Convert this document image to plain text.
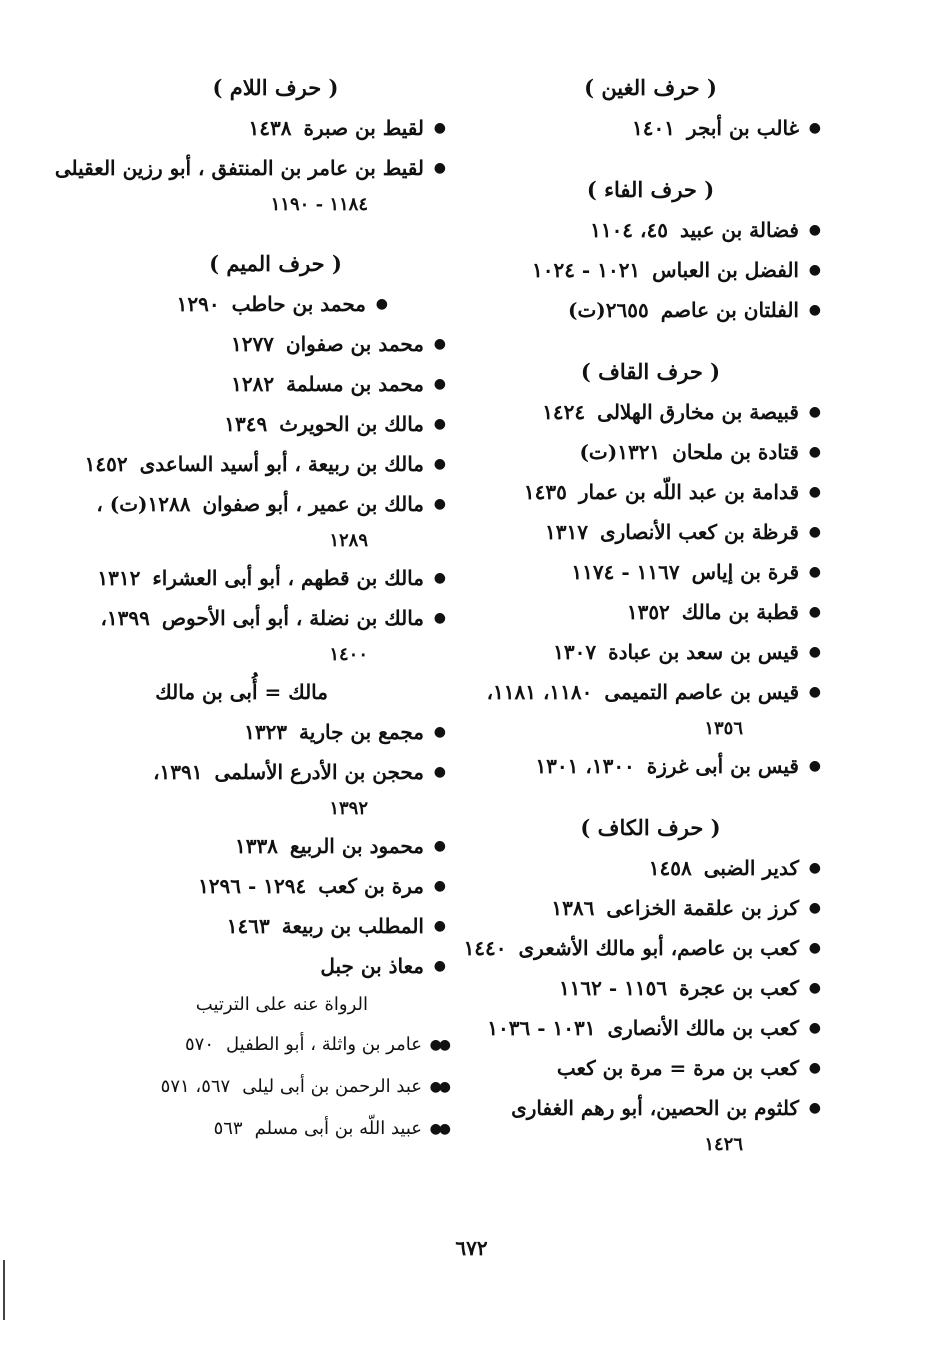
( حرف الغين )
●
غالب بن أبجر١٤٠١
( حرف الفاء )
●
فضالة بن عبيد٤٥، ١١٠٤
●
الفضل بن العباس١٠٢١ - ١٠٢٤
●
الفلتان بن عاصم٢٦٥٥(ت)
( حرف القاف )
●
قبيصة بن مخارق الهلالى١٤٢٤
●
قتادة بن ملحان١٣٢١(ت)
●
قدامة بن عبد اللّه بن عمار١٤٣٥
●
قرظة بن كعب الأنصارى١٣١٧
●
قرة بن إياس١١٦٧ - ١١٧٤
●
قطبة بن مالك١٣٥٢
●
قيس بن سعد بن عبادة١٣٠٧
●
قيس بن عاصم التميمى١١٨٠، ١١٨١،
١٣٥٦
●
قيس بن أبى غرزة١٣٠٠، ١٣٠١
( حرف الكاف )
●
كدير الضبى١٤٥٨
●
كرز بن علقمة الخزاعى١٣٨٦
●
كعب بن عاصم، أبو مالك الأشعرى١٤٤٠
●
كعب بن عجرة١١٥٦ - ١١٦٢
●
كعب بن مالك الأنصارى١٠٣١ - ١٠٣٦
●
كعب بن مرة = مرة بن كعب
●
كلثوم بن الحصين، أبو رهم الغفارى
١٤٢٦
( حرف اللام )
●
لقيط بن صبرة١٤٣٨
●
لقيط بن عامر بن المنتفق ، أبو رزين العقيلى
١١٨٤ - ١١٩٠
( حرف الميم )
●
محمد بن حاطب١٢٩٠
●
محمد بن صفوان١٢٧٧
●
محمد بن مسلمة١٢٨٢
●
مالك بن الحويرث١٣٤٩
●
مالك بن ربيعة ، أبو أسيد الساعدى١٤٥٢
●
مالك بن عمير ، أبو صفوان١٢٨٨(ت) ،
١٢٨٩
●
مالك بن قطهم ، أبو أبى العشراء١٣١٢
●
مالك بن نضلة ، أبو أبى الأحوص١٣٩٩،
١٤٠٠
مالك = أُبى بن مالك
●
مجمع بن جارية١٣٢٣
●
محجن بن الأدرع الأسلمى١٣٩١،
١٣٩٢
●
محمود بن الربيع١٣٣٨
●
مرة بن كعب١٢٩٤ - ١٢٩٦
●
المطلب بن ربيعة١٤٦٣
●
معاذ بن جبل
الرواة عنه على الترتيب
●●
عامر بن واثلة ، أبو الطفيل٥٧٠
●●
عبد الرحمن بن أبى ليلى٥٦٧، ٥٧١
●●
عبيد اللّه بن أبى مسلم٥٦٣
٦٧٢
